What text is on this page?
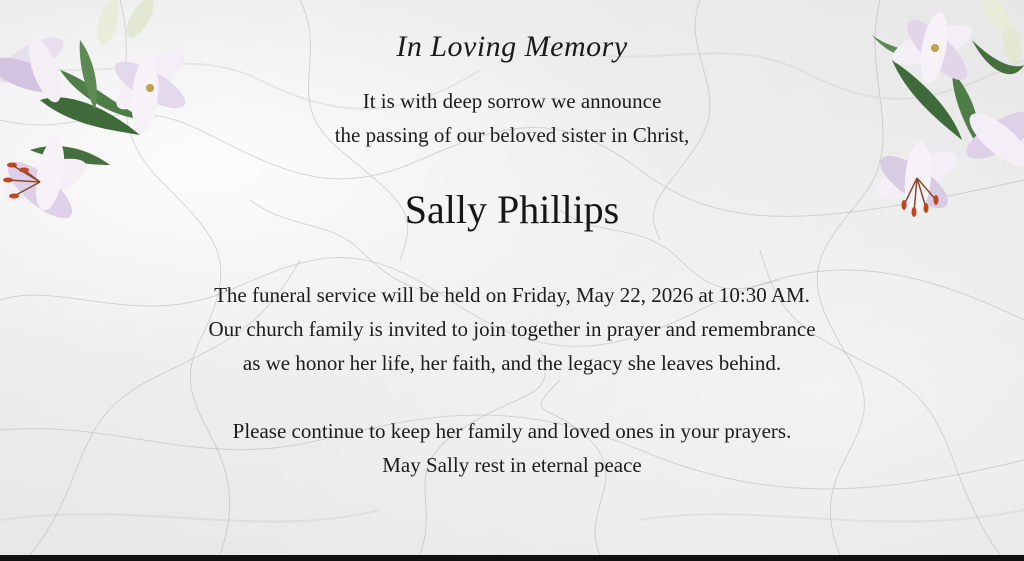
In Loving Memory
It is with deep sorrow we announce
the passing of our beloved sister in Christ,
Sally Phillips
The funeral service will be held on Friday, May 22, 2026 at 10:30 AM.
Our church family is invited to join together in prayer and remembrance
as we honor her life, her faith, and the legacy she leaves behind.
Please continue to keep her family and loved ones in your prayers.
May Sally rest in eternal peace
